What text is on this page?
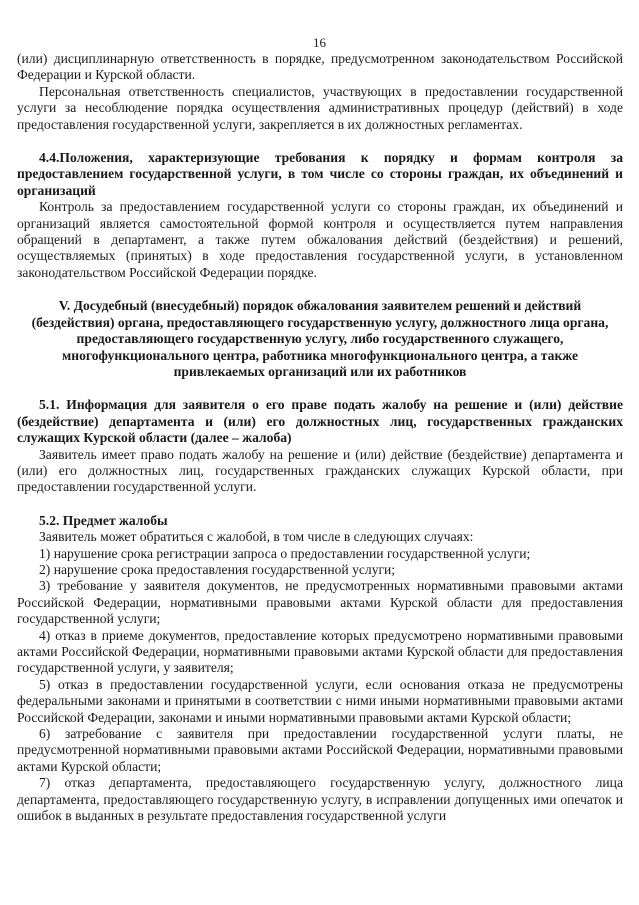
16

(или) дисциплинарную ответственность в порядке, предусмотренном законодательством Российской Федерации и Курской области.

Персональная ответственность специалистов, участвующих в предоставлении государственной услуги за несоблюдение порядка осуществления административных процедур (действий) в ходе предоставления государственной услуги, закрепляется в их должностных регламентах.

4.4.Положения, характеризующие требования к порядку и формам контроля за предоставлением государственной услуги, в том числе со стороны граждан, их объединений и организаций

Контроль за предоставлением государственной услуги со стороны граждан, их объединений и организаций является самостоятельной формой контроля и осуществляется путем направления обращений в департамент, а также путем обжалования действий (бездействия) и решений, осуществляемых (принятых) в ходе предоставления государственной услуги, в установленном законодательством Российской Федерации порядке.

V. Досудебный (внесудебный) порядок обжалования заявителем решений и действий (бездействия) органа, предоставляющего государственную услугу, должностного лица органа, предоставляющего государственную услугу, либо государственного служащего, многофункционального центра, работника многофункционального центра, а также привлекаемых организаций или их работников

5.1. Информация для заявителя о его праве подать жалобу на решение и (или) действие (бездействие) департамента и (или) его должностных лиц, государственных гражданских служащих Курской области (далее – жалоба)

Заявитель имеет право подать жалобу на решение и (или) действие (бездействие) департамента и (или) его должностных лиц, государственных гражданских служащих Курской области, при предоставлении государственной услуги.

5.2. Предмет жалобы

Заявитель может обратиться с жалобой, в том числе в следующих случаях:

1) нарушение срока регистрации запроса о предоставлении государственной услуги;

2) нарушение срока предоставления государственной услуги;

3) требование у заявителя документов, не предусмотренных нормативными правовыми актами Российской Федерации, нормативными правовыми актами Курской области для предоставления государственной услуги;

4) отказ в приеме документов, предоставление которых предусмотрено нормативными правовыми актами Российской Федерации, нормативными правовыми актами Курской области для предоставления государственной услуги, у заявителя;

5) отказ в предоставлении государственной услуги, если основания отказа не предусмотрены федеральными законами и принятыми в соответствии с ними иными нормативными правовыми актами Российской Федерации, законами и иными нормативными правовыми актами Курской области;

6) затребование с заявителя при предоставлении государственной услуги платы, не предусмотренной нормативными правовыми актами Российской Федерации, нормативными правовыми актами Курской области;

7) отказ департамента, предоставляющего государственную услугу, должностного лица департамента, предоставляющего государственную услугу, в исправлении допущенных ими опечаток и ошибок в выданных в результате предоставления государственной услуги
